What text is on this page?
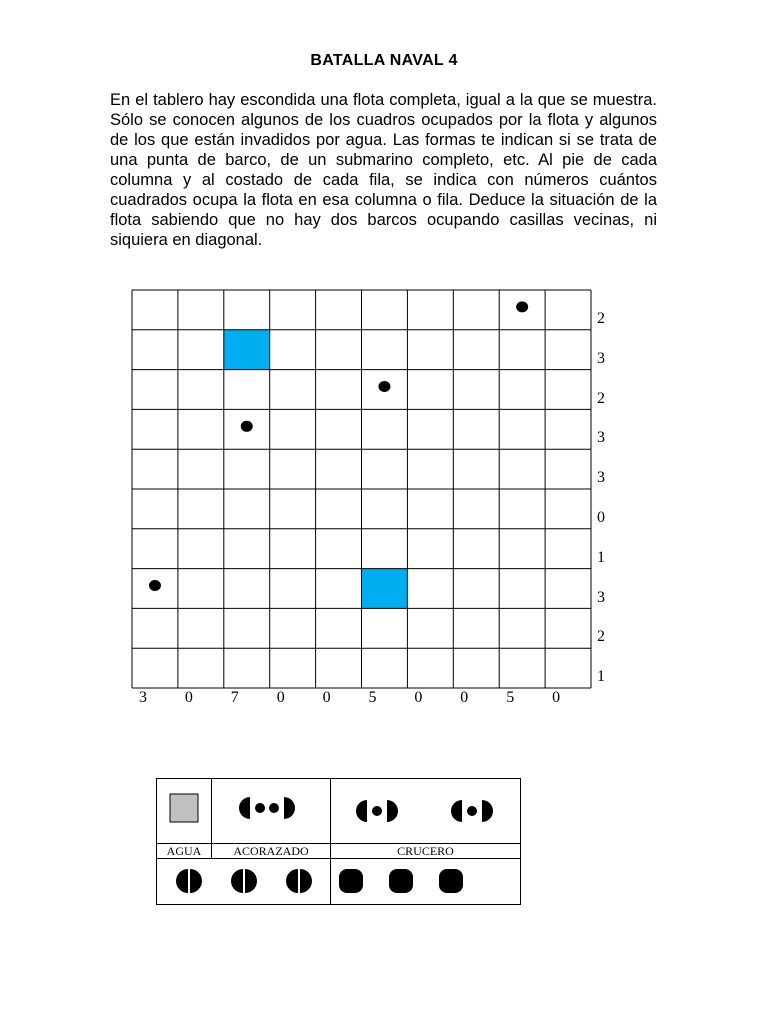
BATALLA NAVAL 4

En el tablero hay escondida una flota completa, igual a la que se muestra. Sólo se conocen algunos de los cuadros ocupados por la flota y algunos de los que están invadidos por agua. Las formas te indican si se trata de una punta de barco, de un submarino completo, etc. Al pie de cada columna y al costado de cada fila, se indica con números cuántos cuadrados ocupa la flota en esa columna o fila. Deduce la situación de la flota sabiendo que no hay dos barcos ocupando casillas vecinas, ni siquiera en diagonal.

2
3
2
3
3
0
1
3
2
1
3 0 7 0 0 5 0 0 5 0

AGUA	ACORAZADO	CRUCERO
